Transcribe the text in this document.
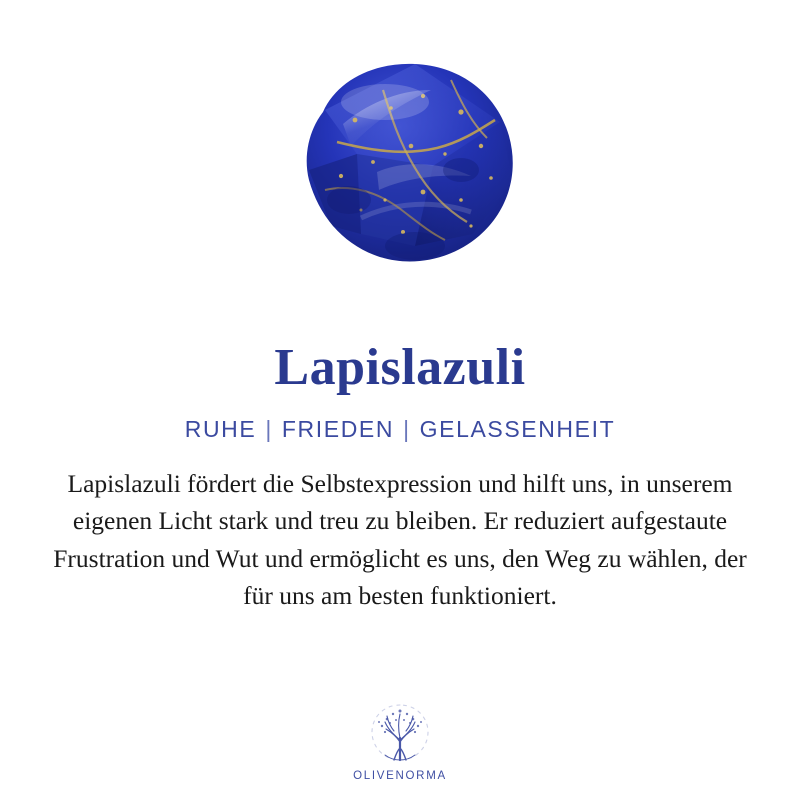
Lapislazuli
RUHE | FRIEDEN | GELASSENHEIT
Lapislazuli fördert die Selbstexpression und hilft uns, in unserem eigenen Licht stark und treu zu bleiben. Er reduziert aufgestaute Frustration und Wut und ermöglicht es uns, den Weg zu wählen, der für uns am besten funktioniert.
OLIVENORMA
